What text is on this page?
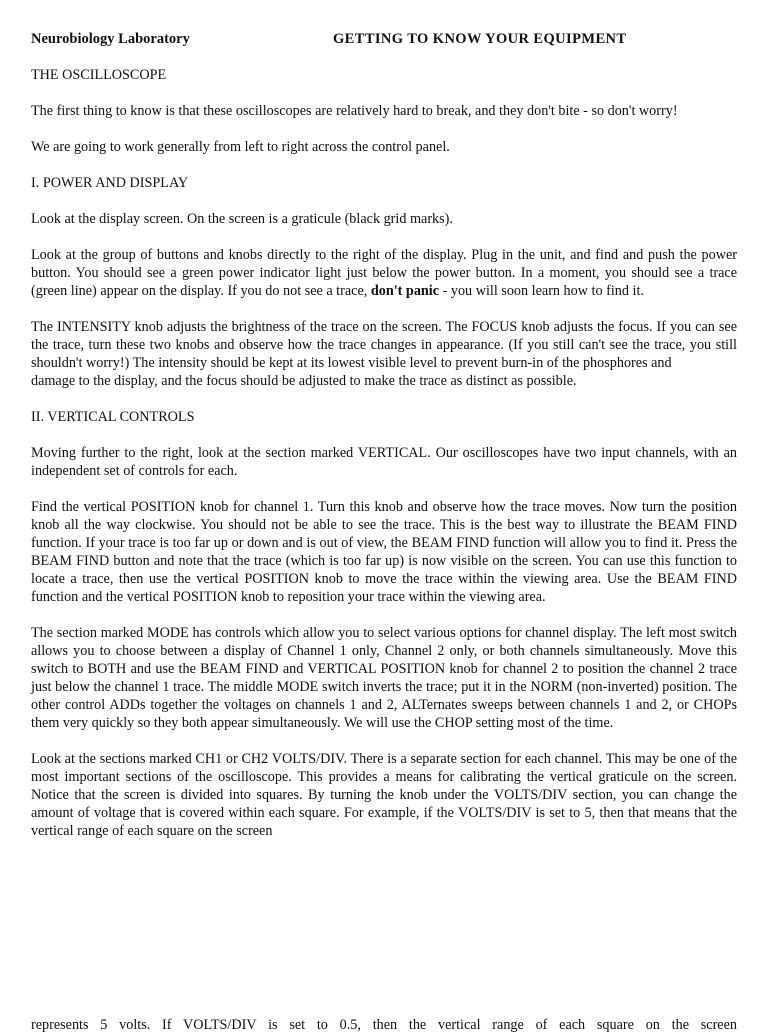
Neurobiology Laboratory	GETTING TO KNOW YOUR EQUIPMENT
THE OSCILLOSCOPE

The first thing to know is that these oscilloscopes are relatively hard to break, and they don't bite - so don't worry!

We are going to work generally from left to right across the control panel.

I. POWER AND DISPLAY

Look at the display screen. On the screen is a graticule (black grid marks).

Look at the group of buttons and knobs directly to the right of the display. Plug in the unit, and find and push the power button. You should see a green power indicator light just below the power button. In a moment, you should see a trace (green line) appear on the display. If you do not see a trace, don't panic - you will soon learn how to find it.

The INTENSITY knob adjusts the brightness of the trace on the screen. The FOCUS knob adjusts the focus. If you can see the trace, turn these two knobs and observe how the trace changes in appearance. (If you still can't see the trace, you still shouldn't worry!) The intensity should be kept at its lowest visible level to prevent burn-in of the phosphores and
damage to the display, and the focus should be adjusted to make the trace as distinct as possible.

II. VERTICAL CONTROLS

Moving further to the right, look at the section marked VERTICAL. Our oscilloscopes have two input channels, with an independent set of controls for each.

Find the vertical POSITION knob for channel 1. Turn this knob and observe how the trace moves. Now turn the position knob all the way clockwise. You should not be able to see the trace. This is the best way to illustrate the BEAM FIND function. If your trace is too far up or down and is out of view, the BEAM FIND function will allow you to find it. Press the BEAM FIND button and note that the trace (which is too far up) is now visible on the screen. You can use this function to locate a trace, then use the vertical POSITION knob to move the trace within the viewing area. Use the BEAM FIND function and the vertical POSITION knob to reposition your trace within the viewing area.

The section marked MODE has controls which allow you to select various options for channel display. The left most switch allows you to choose between a display of Channel 1 only, Channel 2 only, or both channels simultaneously. Move this switch to BOTH and use the BEAM FIND and VERTICAL POSITION knob for channel 2 to position the channel 2 trace just below the channel 1 trace. The middle MODE switch inverts the trace; put it in the NORM (non-inverted) position. The other control ADDs together the voltages on channels 1 and 2, ALTernates sweeps between channels 1 and 2, or CHOPs them very quickly so they both appear simultaneously. We will use the CHOP setting most of the time.

Look at the sections marked CH1 or CH2 VOLTS/DIV. There is a separate section for each channel. This may be one of the most important sections of the oscilloscope. This provides a means for calibrating the vertical graticule on the screen. Notice that the screen is divided into squares. By turning the knob under the VOLTS/DIV section, you can change the amount of voltage that is covered within each square. For example, if the VOLTS/DIV is set to 5, then that means that the vertical range of each square on the screen

represents 5 volts. If VOLTS/DIV is set to 0.5, then the vertical range of each square on the screen
